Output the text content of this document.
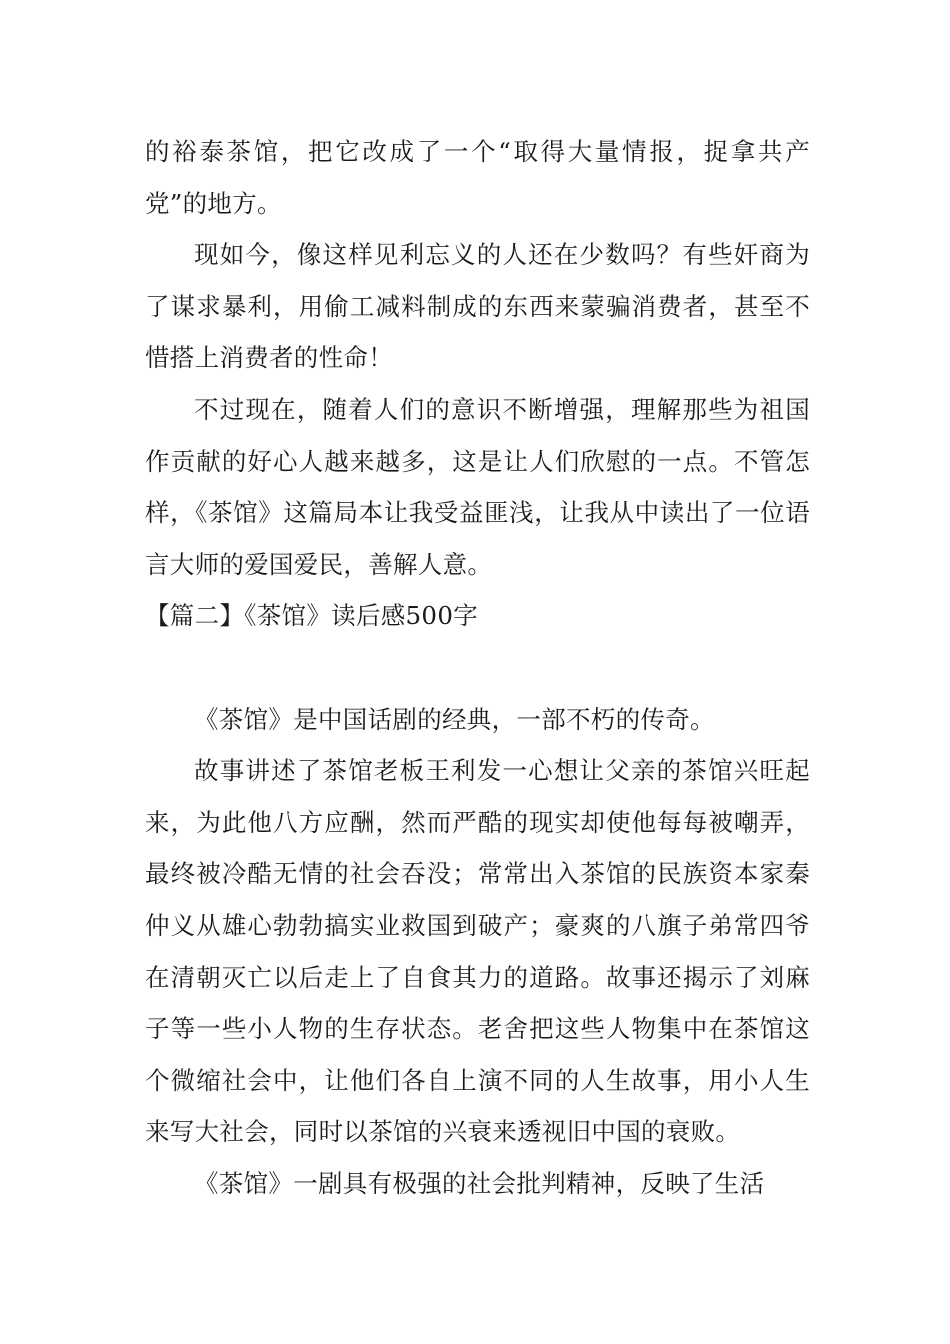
的裕泰茶馆，把它改成了一个“取得大量情报，捉拿共产党”的地方。

现如今，像这样见利忘义的人还在少数吗？有些奸商为了谋求暴利，用偷工减料制成的东西来蒙骗消费者，甚至不惜搭上消费者的性命！

不过现在，随着人们的意识不断增强，理解那些为祖国作贡献的好心人越来越多，这是让人们欣慰的一点。不管怎样，《茶馆》这篇局本让我受益匪浅，让我从中读出了一位语言大师的爱国爱民，善解人意。

【篇二】《茶馆》读后感500字

《茶馆》是中国话剧的经典，一部不朽的传奇。

故事讲述了茶馆老板王利发一心想让父亲的茶馆兴旺起来，为此他八方应酬，然而严酷的现实却使他每每被嘲弄，最终被冷酷无情的社会吞没；常常出入茶馆的民族资本家秦仲义从雄心勃勃搞实业救国到破产；豪爽的八旗子弟常四爷在清朝灭亡以后走上了自食其力的道路。故事还揭示了刘麻子等一些小人物的生存状态。老舍把这些人物集中在茶馆这个微缩社会中，让他们各自上演不同的人生故事，用小人生来写大社会，同时以茶馆的兴衰来透视旧中国的衰败。

《茶馆》一剧具有极强的社会批判精神，反映了生活
